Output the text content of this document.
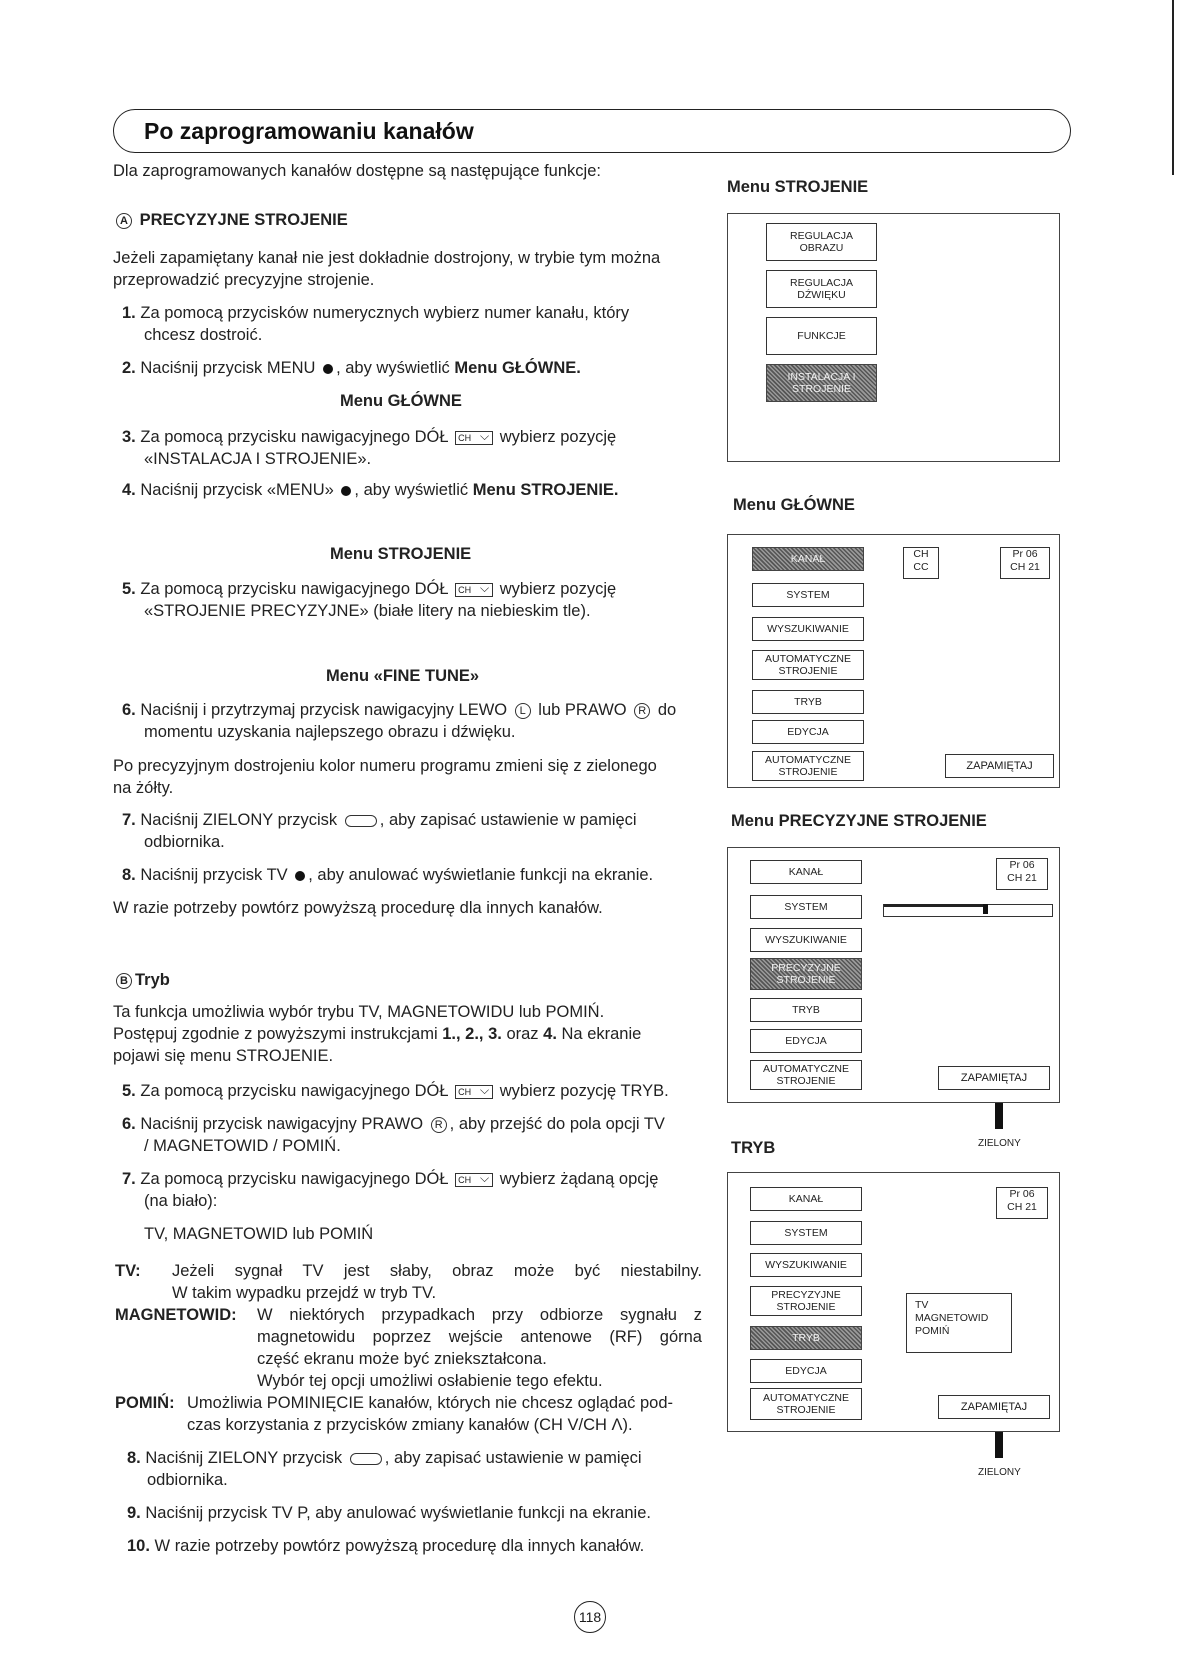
Po zaprogramowaniu kanałów
Dla zaprogramowanych kanałów dostępne są następujące funkcje:
A PRECYZYJNE STROJENIE
Jeżeli zapamiętany kanał nie jest dokładnie dostrojony, w trybie tym można
przeprowadzić precyzyjne strojenie.
1. Za pomocą przycisków numerycznych wybierz numer kanału, który
chcesz dostroić.
2. Naciśnij przycisk MENU , aby wyświetlić Menu GŁÓWNE.
Menu GŁÓWNE
3. Za pomocą przycisku nawigacyjnego DÓŁ CH ⌵ wybierz pozycję
«INSTALACJA I STROJENIE».
4. Naciśnij przycisk «MENU» , aby wyświetlić Menu STROJENIE.
Menu STROJENIE
5. Za pomocą przycisku nawigacyjnego DÓŁ CH ⌵ wybierz pozycję
«STROJENIE PRECYZYJNE» (białe litery na niebieskim tle).
Menu «FINE TUNE»
6. Naciśnij i przytrzymaj przycisk nawigacyjny LEWO L lub PRAWO R do
momentu uzyskania najlepszego obrazu i dźwięku.
Po precyzyjnym dostrojeniu kolor numeru programu zmieni się z zielonego
na żółty.
7. Naciśnij ZIELONY przycisk	, aby zapisać ustawienie w pamięci
odbiornika.
8. Naciśnij przycisk TV , aby anulować wyświetlanie funkcji na ekranie.
W razie potrzeby powtórz powyższą procedurę dla innych kanałów.
B Tryb
Ta funkcja umożliwia wybór trybu TV, MAGNETOWIDU lub POMIŃ.
Postępuj zgodnie z powyższymi instrukcjami 1., 2., 3. oraz 4. Na ekranie
pojawi się menu STROJENIE.
5. Za pomocą przycisku nawigacyjnego DÓŁ CH ⌵ wybierz pozycję TRYB.
6. Naciśnij przycisk nawigacyjny PRAWO R , aby przejść do pola opcji TV
/ MAGNETOWID / POMIŃ.
7. Za pomocą przycisku nawigacyjnego DÓŁ CH ⌵ wybierz żądaną opcję
(na biało):
TV, MAGNETOWID lub POMIŃ
TV: Jeżeli sygnał TV jest słaby, obraz może być niestabilny.
W takim wypadku przejdź w tryb TV.
MAGNETOWID: W niektórych przypadkach przy odbiorze sygnału z
magnetowidu poprzez wejście antenowe (RF) górna
część ekranu może być zniekształcona.
Wybór tej opcji umożliwi osłabienie tego efektu.
POMIŃ: Umożliwia POMINIĘCIE kanałów, których nie chcesz oglądać pod-
czas korzystania z przycisków zmiany kanałów (CH V/CH Λ).
8. Naciśnij ZIELONY przycisk	, aby zapisać ustawienie w pamięci
odbiornika.
9. Naciśnij przycisk TV P, aby anulować wyświetlanie funkcji na ekranie.
10. W razie potrzeby powtórz powyższą procedurę dla innych kanałów.
Menu STROJENIE
REGULACJA
OBRAZU
REGULACJA
DŹWIĘKU
FUNKCJE
INSTALACJA I
STROJENIE
Menu GŁÓWNE
KANAŁ
SYSTEM
WYSZUKIWANIE
AUTOMATYCZNE
STROJENIE
TRYB
EDYCJA
AUTOMATYCZNE
STROJENIE
CH
CC
Pr 06
CH 21
ZAPAMIĘTAJ
Menu PRECYZYJNE STROJENIE
KANAŁ
SYSTEM
WYSZUKIWANIE
PRECYZYJNE
STROJENIE
TRYB
EDYCJA
AUTOMATYCZNE
STROJENIE
Pr 06
CH 21
ZAPAMIĘTAJ
ZIELONY
TRYB
KANAŁ
SYSTEM
WYSZUKIWANIE
PRECYZYJNE
STROJENIE
TRYB
EDYCJA
AUTOMATYCZNE
STROJENIE
Pr 06
CH 21
TV
MAGNETOWID
POMIŃ
ZAPAMIĘTAJ
ZIELONY
118
